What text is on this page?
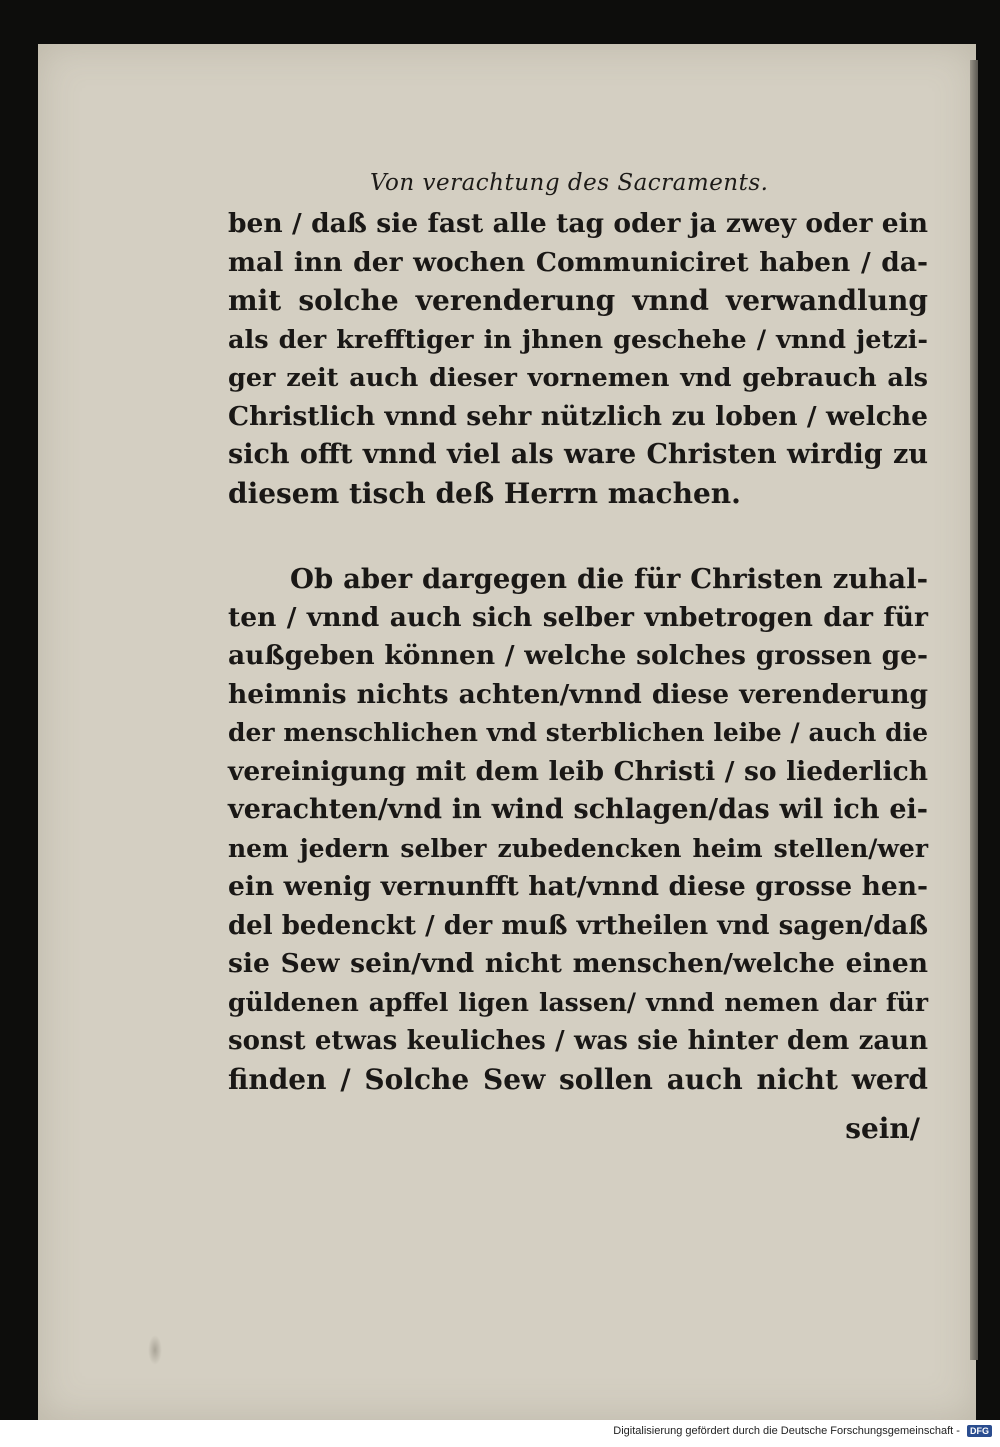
Von verachtung des Sacraments.
ben / daß sie fast alle tag oder ja zwey oder ein
mal inn der wochen Communiciret haben / da-
mit solche verenderung vnnd verwandlung
als der krefftiger in jhnen geschehe / vnnd jetzi-
ger zeit auch dieser vornemen vnd gebrauch als
Christlich vnnd sehr nützlich zu loben / welche
sich offt vnnd viel als ware Christen wirdig zu
diesem tisch deß Herrn machen.
Ob aber dargegen die für Christen zuhal-
ten / vnnd auch sich selber vnbetrogen dar für
außgeben können / welche solches grossen ge-
heimnis nichts achten/vnnd diese verenderung
der menschlichen vnd sterblichen leibe / auch die
vereinigung mit dem leib Christi / so liederlich
verachten/vnd in wind schlagen/das wil ich ei-
nem jedern selber zubedencken heim stellen/wer
ein wenig vernunfft hat/vnnd diese grosse hen-
del bedenckt / der muß vrtheilen vnd sagen/daß
sie Sew sein/vnd nicht menschen/welche einen
güldenen apffel ligen lassen/ vnnd nemen dar für
sonst etwas keuliches / was sie hinter dem zaun
finden / Solche Sew sollen auch nicht werd
sein/
Digitalisierung gefördert durch die Deutsche Forschungsgemeinschaft - DFG
